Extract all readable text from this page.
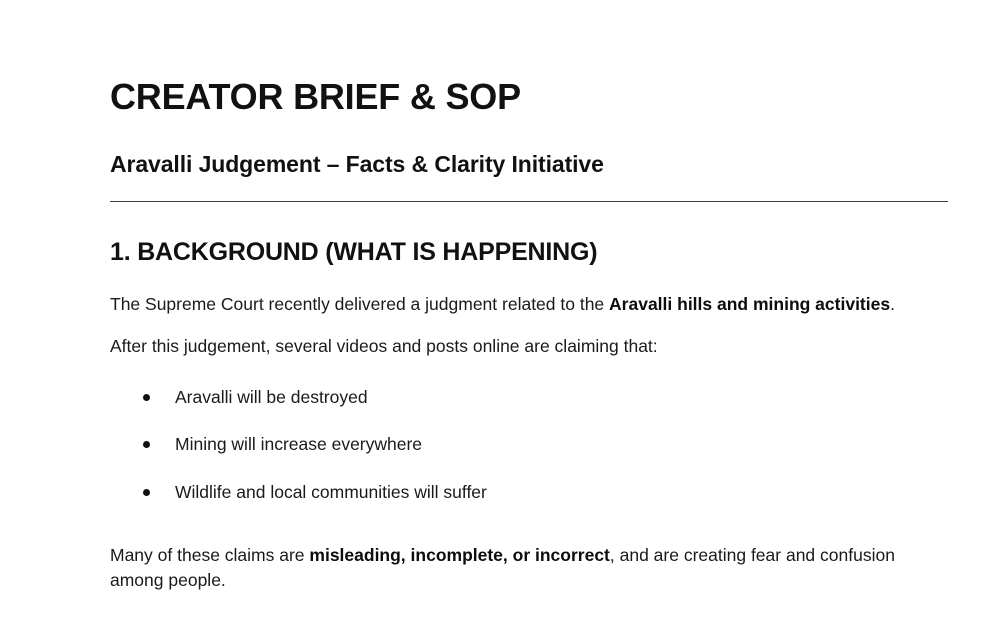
CREATOR BRIEF & SOP
Aravalli Judgement – Facts & Clarity Initiative
1. BACKGROUND (WHAT IS HAPPENING)

The Supreme Court recently delivered a judgment related to the Aravalli hills and mining activities.

After this judgement, several videos and posts online are claiming that:

Aravalli will be destroyed
Mining will increase everywhere
Wildlife and local communities will suffer

Many of these claims are misleading, incomplete, or incorrect, and are creating fear and confusion among people.
